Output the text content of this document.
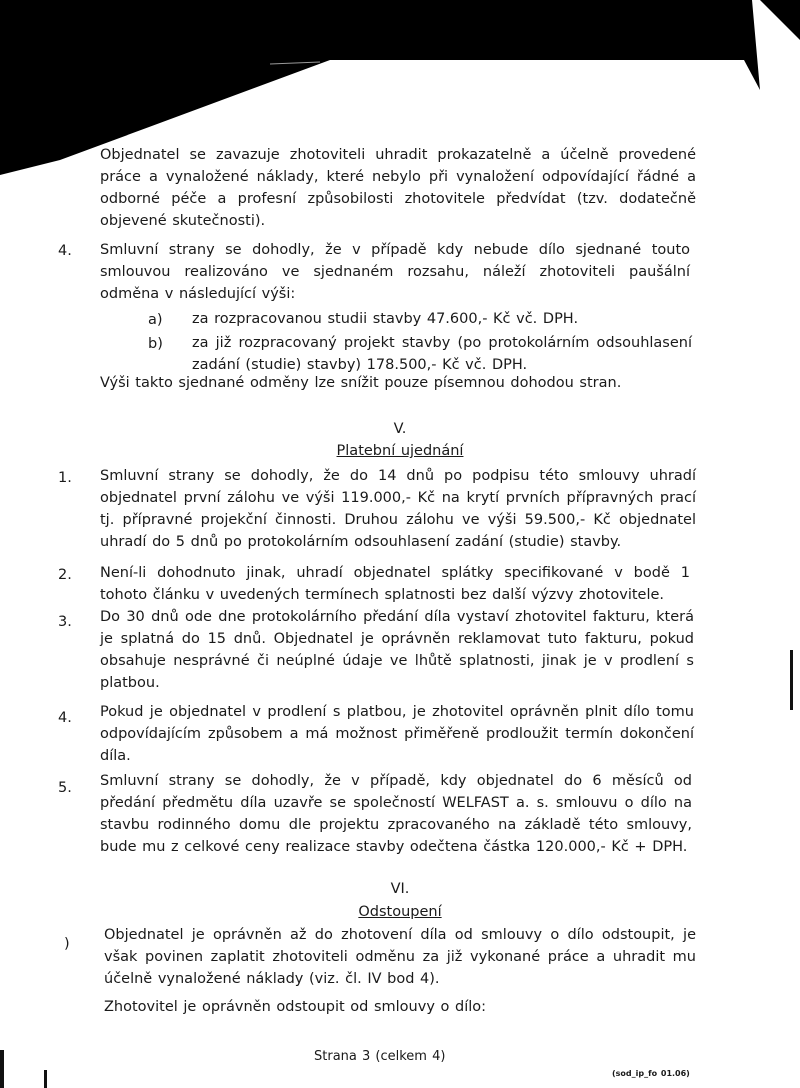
Objednatel se zavazuje zhotoviteli uhradit prokazatelně a účelně provedené práce a vynaložené náklady, které nebylo při vynaložení odpovídající řádné a odborné péče a profesní způsobilosti zhotovitele předvídat (tzv. dodatečně objevené skutečnosti).
4. Smluvní strany se dohodly, že v případě kdy nebude dílo sjednané touto smlouvou realizováno ve sjednaném rozsahu, náleží zhotoviteli paušální odměna v následující výši:
a) za rozpracovanou studii stavby 47.600,- Kč vč. DPH.
b) za již rozpracovaný projekt stavby (po protokolárním odsouhlasení zadání (studie) stavby) 178.500,- Kč vč. DPH.
Výši takto sjednané odměny lze snížit pouze písemnou dohodou stran.
V.
Platební ujednání
1. Smluvní strany se dohodly, že do 14 dnů po podpisu této smlouvy uhradí objednatel první zálohu ve výši 119.000,- Kč na krytí prvních přípravných prací tj. přípravné projekční činnosti. Druhou zálohu ve výši 59.500,- Kč objednatel uhradí do 5 dnů po protokolárním odsouhlasení zadání (studie) stavby.
2. Není-li dohodnuto jinak, uhradí objednatel splátky specifikované v bodě 1 tohoto článku v uvedených termínech splatnosti bez další výzvy zhotovitele.
3. Do 30 dnů ode dne protokolárního předání díla vystaví zhotovitel fakturu, která je splatná do 15 dnů. Objednatel je oprávněn reklamovat tuto fakturu, pokud obsahuje nesprávné či neúplné údaje ve lhůtě splatnosti, jinak je v prodlení s platbou.
4. Pokud je objednatel v prodlení s platbou, je zhotovitel oprávněn plnit dílo tomu odpovídajícím způsobem a má možnost přiměřeně prodloužit termín dokončení díla.
5. Smluvní strany se dohodly, že v případě, kdy objednatel do 6 měsíců od předání předmětu díla uzavře se společností WELFAST a. s. smlouvu o dílo na stavbu rodinného domu dle projektu zpracovaného na základě této smlouvy, bude mu z celkové ceny realizace stavby odečtena částka 120.000,- Kč + DPH.
VI.
Odstoupení
)
Objednatel je oprávněn až do zhotovení díla od smlouvy o dílo odstoupit, je však povinen zaplatit zhotoviteli odměnu za již vykonané práce a uhradit mu účelně vynaložené náklady (viz. čl. IV bod 4).
Zhotovitel je oprávněn odstoupit od smlouvy o dílo:
Strana 3 (celkem 4)
(sod_ip_fo 01.06)
